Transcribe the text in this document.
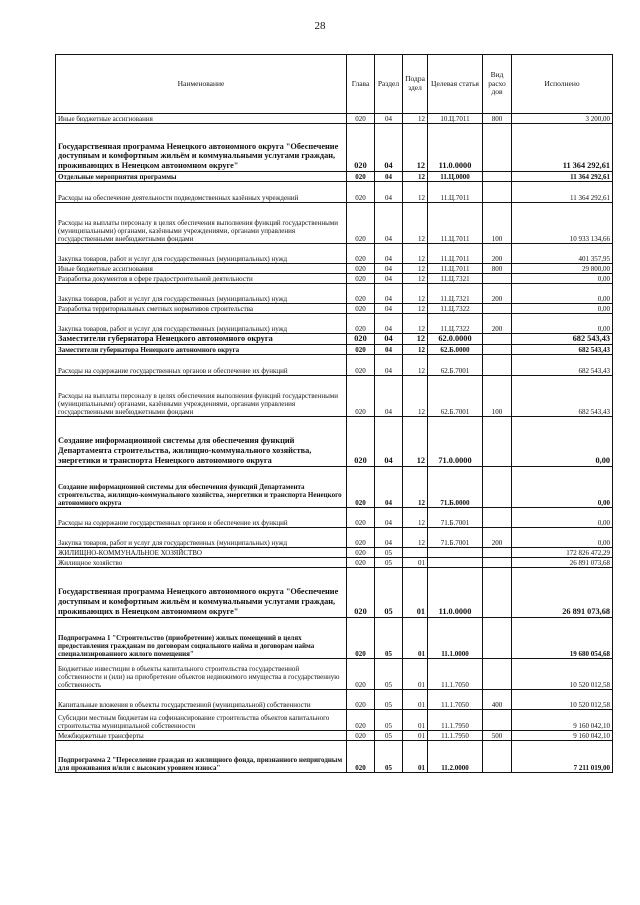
28
Наименование	Глава	Раздел	Подра здел	Целевая статья	Вид расхо дов	Исполнено
Иные бюджетные ассигнования	020	04	12	10.Ц.7011	800	3 200,00
Государственная программа Ненецкого автономного округа "Обеспечение доступным и комфортным жильём и коммунальными услугами граждан, проживающих в Ненецком автономном округе"	020	04	12	11.0.0000		11 364 292,61
Отдельные мероприятия программы	020	04	12	11.Ц.0000		11 364 292,61
Расходы на обеспечение деятельности подведомственных казённых учреждений	020	04	12	11.Ц.7011		11 364 292,61
Расходы на выплаты персоналу в целях обеспечения выполнения функций государственными (муниципальными) органами, казёнными учреждениями, органами управления государственными внебюджетными фондами	020	04	12	11.Ц.7011	100	10 933 134,66
Закупка товаров, работ и услуг для государственных (муниципальных) нужд	020	04	12	11.Ц.7011	200	401 357,95
Иные бюджетные ассигнования	020	04	12	11.Ц.7011	800	29 800,00
Разработка документов в сфере градостроительной деятельности	020	04	12	11.Ц.7321		0,00
Закупка товаров, работ и услуг для государственных (муниципальных) нужд	020	04	12	11.Ц.7321	200	0,00
Разработка территориальных сметных нормативов строительства	020	04	12	11.Ц.7322		0,00
Закупка товаров, работ и услуг для государственных (муниципальных) нужд	020	04	12	11.Ц.7322	200	0,00
Заместители губернатора Ненецкого автономного округа	020	04	12	62.0.0000		682 543,43
Заместители губернатора Ненецкого автономного округа	020	04	12	62.Б.0000		682 543,43
Расходы на содержание государственных органов и обеспечение их функций	020	04	12	62.Б.7001		682 543,43
Расходы на выплаты персоналу в целях обеспечения выполнения функций государственными (муниципальными) органами, казёнными учреждениями, органами управления государственными внебюджетными фондами	020	04	12	62.Б.7001	100	682 543,43
Создание информационной системы для обеспечения функций Департамента строительства, жилищно-коммунального хозяйства, энергетики и транспорта Ненецкого автономного округа	020	04	12	71.0.0000		0,00
Создание информационной системы для обеспечения функций Департамента строительства, жилищно-коммунального хозяйства, энергетики и транспорта Ненецкого автономного округа	020	04	12	71.Б.0000		0,00
Расходы на содержание государственных органов и обеспечение их функций	020	04	12	71.Б.7001		0,00
Закупка товаров, работ и услуг для государственных (муниципальных) нужд	020	04	12	71.Б.7001	200	0,00
ЖИЛИЩНО-КОММУНАЛЬНОЕ ХОЗЯЙСТВО	020	05				172 826 472,29
Жилищное хозяйство	020	05	01			26 891 073,68
Государственная программа Ненецкого автономного округа "Обеспечение доступным и комфортным жильём и коммунальными услугами граждан, проживающих в Ненецком автономном округе"	020	05	01	11.0.0000		26 891 073,68
Подпрограмма 1 "Строительство (приобретение) жилых помещений в целях предоставления гражданам по договорам социального найма и договорам найма специализированного жилого помещения"	020	05	01	11.1.0000		19 680 054,68
Бюджетные инвестиции в объекты капитального строительства государственной собственности и (или) на приобретение объектов недвижимого имущества в государственную собственность	020	05	01	11.1.7050		10 520 012,58
Капитальные вложения в объекты государственной (муниципальной) собственности	020	05	01	11.1.7050	400	10 520 012,58
Субсидии местным бюджетам на софинансирование строительства объектов капитального строительства муниципальной собственности	020	05	01	11.1.7950		9 160 042,10
Межбюджетные трансферты	020	05	01	11.1.7950	500	9 160 042,10
Подпрограмма 2 "Переселение граждан из жилищного фонда, признанного непригодным для проживания и/или с высоким уровнем износа"	020	05	01	11.2.0000		7 211 019,00
